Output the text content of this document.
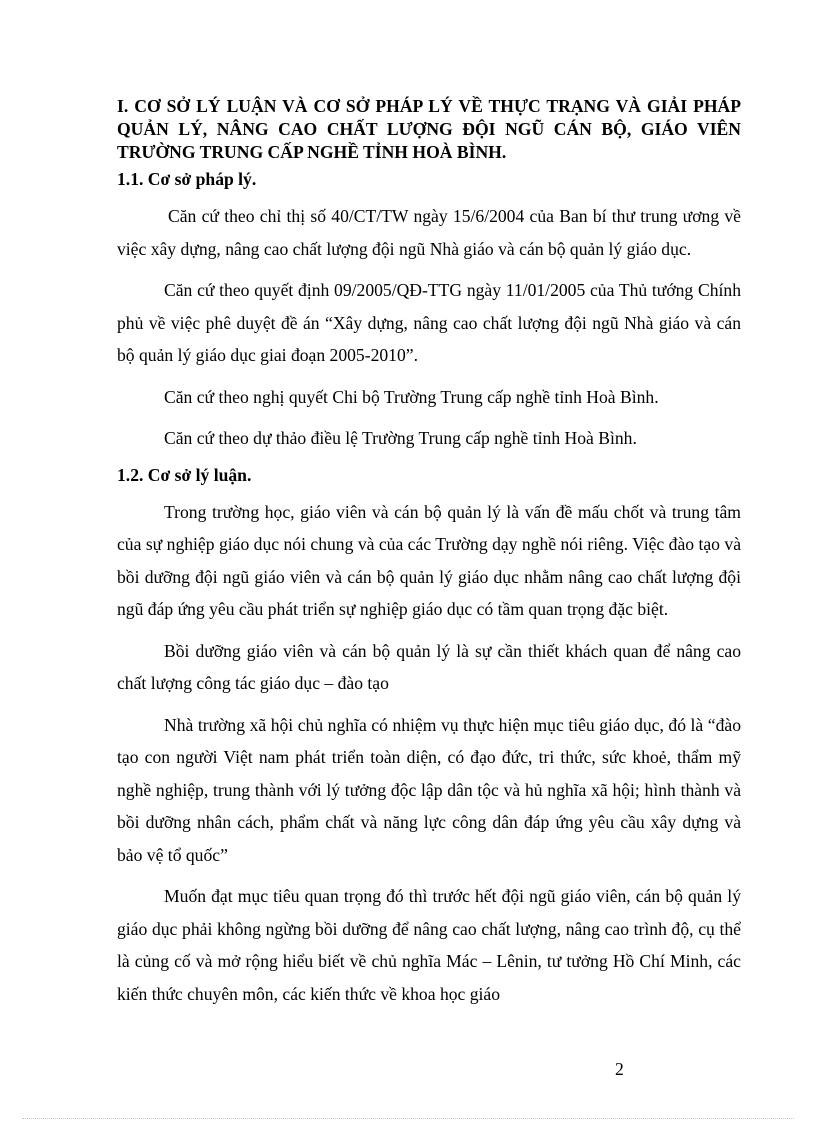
I. CƠ SỞ LÝ LUẬN VÀ CƠ SỞ PHÁP LÝ VỀ THỰC TRẠNG VÀ GIẢI PHÁP QUẢN LÝ, NÂNG CAO CHẤT LƯỢNG ĐỘI NGŨ CÁN BỘ, GIÁO VIÊN TRƯỜNG TRUNG CẤP NGHỀ TỈNH HOÀ BÌNH.
1.1. Cơ sở pháp lý.

Căn cứ theo chỉ thị số 40/CT/TW ngày 15/6/2004 của Ban bí thư trung ương về việc xây dựng, nâng cao chất lượng đội ngũ Nhà giáo và cán bộ quản lý giáo dục.

Căn cứ theo quyết định 09/2005/QĐ-TTG ngày 11/01/2005 của Thủ tướng Chính phủ về việc phê duyệt đề án “Xây dựng, nâng cao chất lượng đội ngũ Nhà giáo và cán bộ quản lý giáo dục giai đoạn 2005-2010”.

Căn cứ theo nghị quyết Chi bộ Trường Trung cấp nghề tỉnh Hoà Bình.

Căn cứ theo dự thảo điều lệ Trường Trung cấp nghề tỉnh Hoà Bình.

1.2. Cơ sở lý luận.

Trong trường học, giáo viên và cán bộ quản lý là vấn đề mấu chốt và trung tâm của sự nghiệp giáo dục nói chung và của các Trường dạy nghề nói riêng. Việc đào tạo và bồi dưỡng đội ngũ giáo viên và cán bộ quản lý giáo dục nhằm nâng cao chất lượng đội ngũ đáp ứng yêu cầu phát triển sự nghiệp giáo dục có tầm quan trọng đặc biệt.

Bồi dưỡng giáo viên và cán bộ quản lý là sự cần thiết khách quan để nâng cao chất lượng công tác giáo dục – đào tạo

Nhà trường xã hội chủ nghĩa có nhiệm vụ thực hiện mục tiêu giáo dục, đó là “đào tạo con người Việt nam phát triển toàn diện, có đạo đức, tri thức, sức khoẻ, thẩm mỹ nghề nghiệp, trung thành với lý tưởng độc lập dân tộc và hủ nghĩa xã hội; hình thành và bồi dưỡng nhân cách, phẩm chất và năng lực công dân đáp ứng yêu cầu xây dựng và bảo vệ tổ quốc”

Muốn đạt mục tiêu quan trọng đó thì trước hết đội ngũ giáo viên, cán bộ quản lý giáo dục phải không ngừng bồi dưỡng để nâng cao chất lượng, nâng cao trình độ, cụ thể là củng cố và mở rộng hiểu biết về chủ nghĩa Mác – Lênin, tư tưởng Hồ Chí Minh, các kiến thức chuyên môn, các kiến thức về khoa học giáo

2
